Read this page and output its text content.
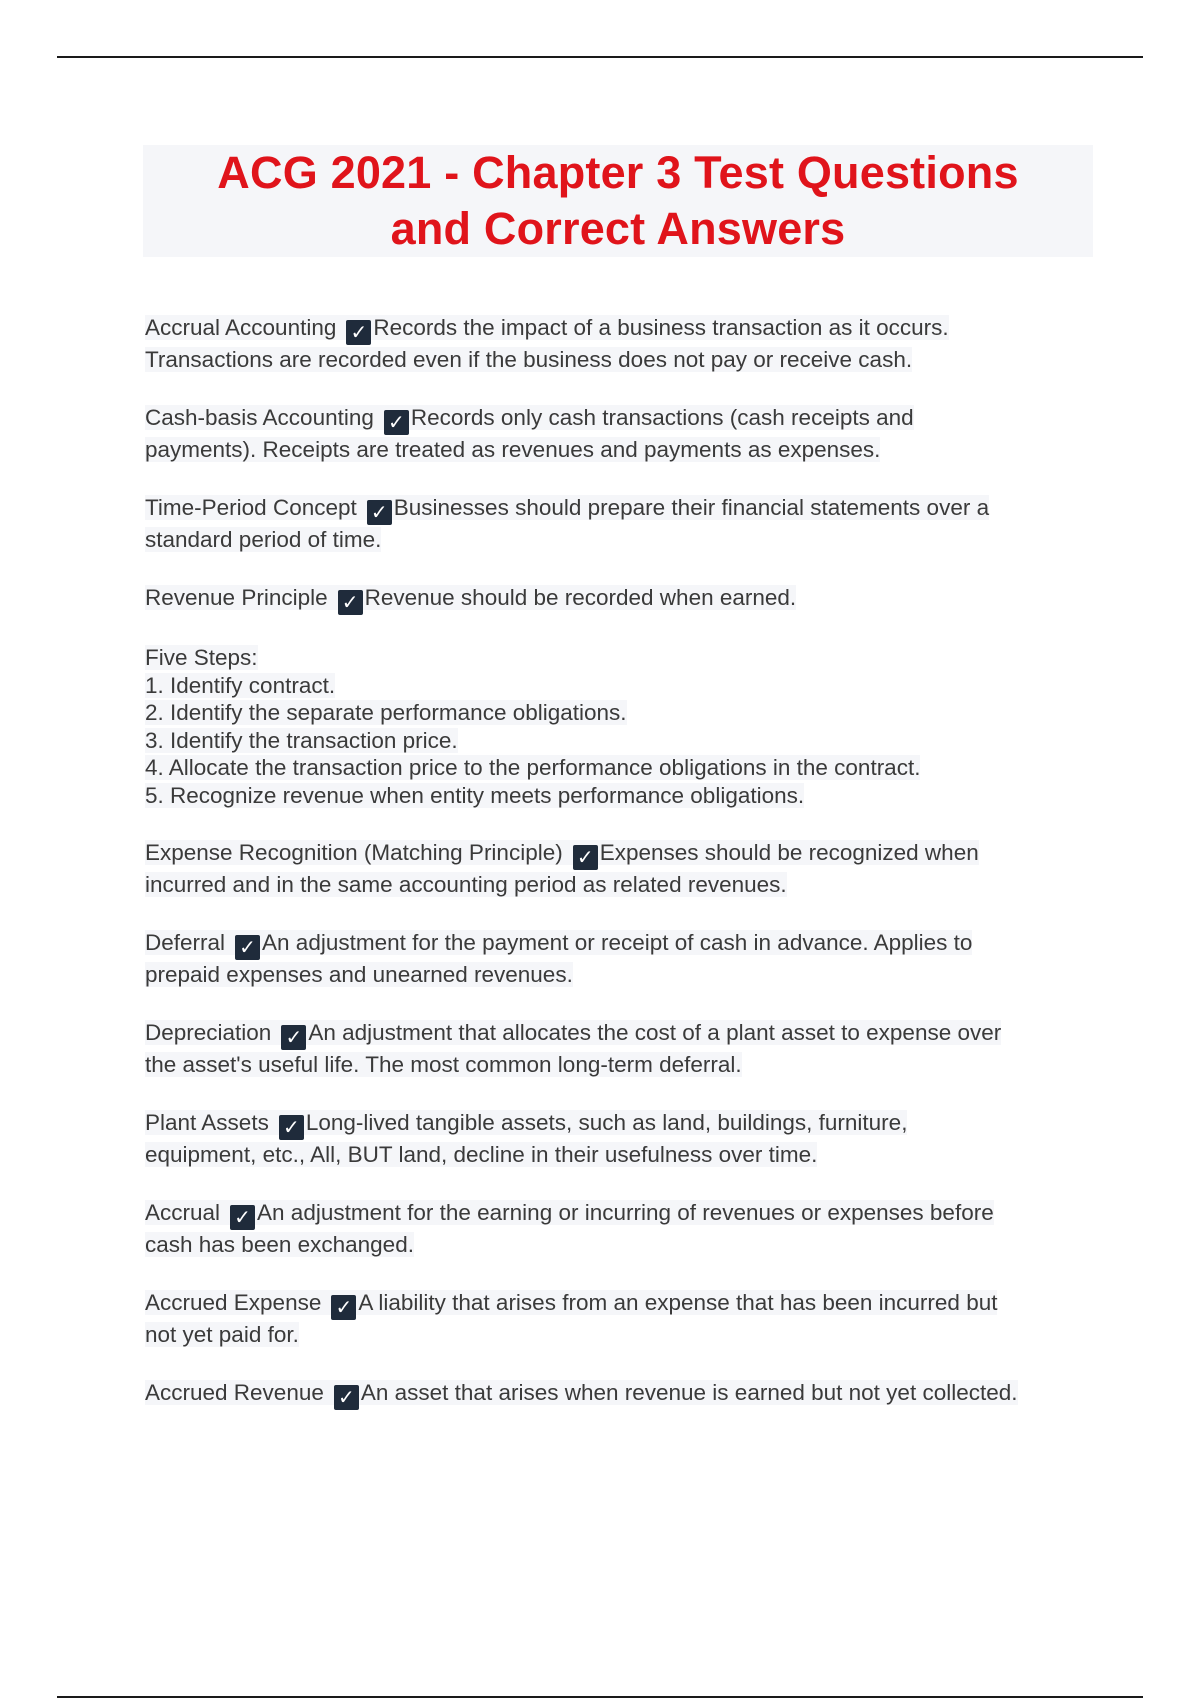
ACG 2021 - Chapter 3 Test Questions
and Correct Answers

Accrual Accounting ✓ Records the impact of a business transaction as it occurs.
Transactions are recorded even if the business does not pay or receive cash.

Cash-basis Accounting ✓ Records only cash transactions (cash receipts and
payments). Receipts are treated as revenues and payments as expenses.

Time-Period Concept ✓ Businesses should prepare their financial statements over a
standard period of time.

Revenue Principle ✓ Revenue should be recorded when earned.

Five Steps:
1. Identify contract.
2. Identify the separate performance obligations.
3. Identify the transaction price.
4. Allocate the transaction price to the performance obligations in the contract.
5. Recognize revenue when entity meets performance obligations.

Expense Recognition (Matching Principle) ✓ Expenses should be recognized when
incurred and in the same accounting period as related revenues.

Deferral ✓ An adjustment for the payment or receipt of cash in advance. Applies to
prepaid expenses and unearned revenues.

Depreciation ✓ An adjustment that allocates the cost of a plant asset to expense over
the asset's useful life. The most common long-term deferral.

Plant Assets ✓ Long-lived tangible assets, such as land, buildings, furniture,
equipment, etc., All, BUT land, decline in their usefulness over time.

Accrual ✓ An adjustment for the earning or incurring of revenues or expenses before
cash has been exchanged.

Accrued Expense ✓ A liability that arises from an expense that has been incurred but
not yet paid for.

Accrued Revenue ✓ An asset that arises when revenue is earned but not yet collected.
